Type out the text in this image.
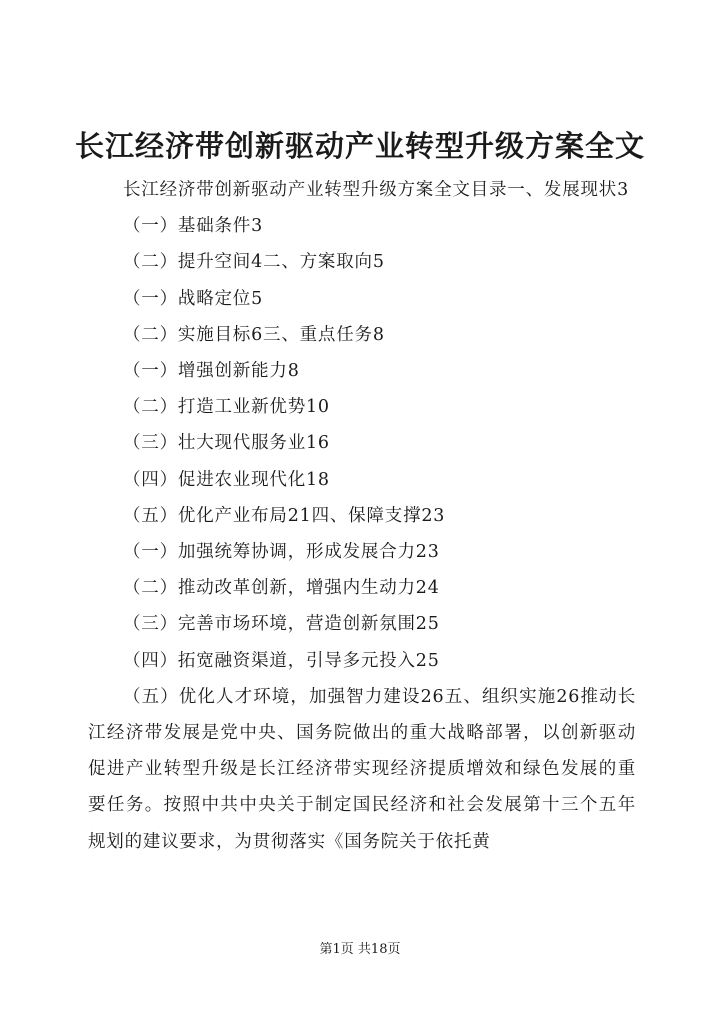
长江经济带创新驱动产业转型升级方案全文

长江经济带创新驱动产业转型升级方案全文目录一、发展现状3

（一）基础条件3

（二）提升空间4二、方案取向5

（一）战略定位5

（二）实施目标6三、重点任务8

（一）增强创新能力8

（二）打造工业新优势10

（三）壮大现代服务业16

（四）促进农业现代化18

（五）优化产业布局21四、保障支撑23

（一）加强统筹协调，形成发展合力23

（二）推动改革创新，增强内生动力24

（三）完善市场环境，营造创新氛围25

（四）拓宽融资渠道，引导多元投入25

（五）优化人才环境，加强智力建设26五、组织实施26推动长江经济带发展是党中央、国务院做出的重大战略部署，以创新驱动促进产业转型升级是长江经济带实现经济提质增效和绿色发展的重要任务。按照中共中央关于制定国民经济和社会发展第十三个五年规划的建议要求，为贯彻落实《国务院关于依托黄

第1页 共18页
